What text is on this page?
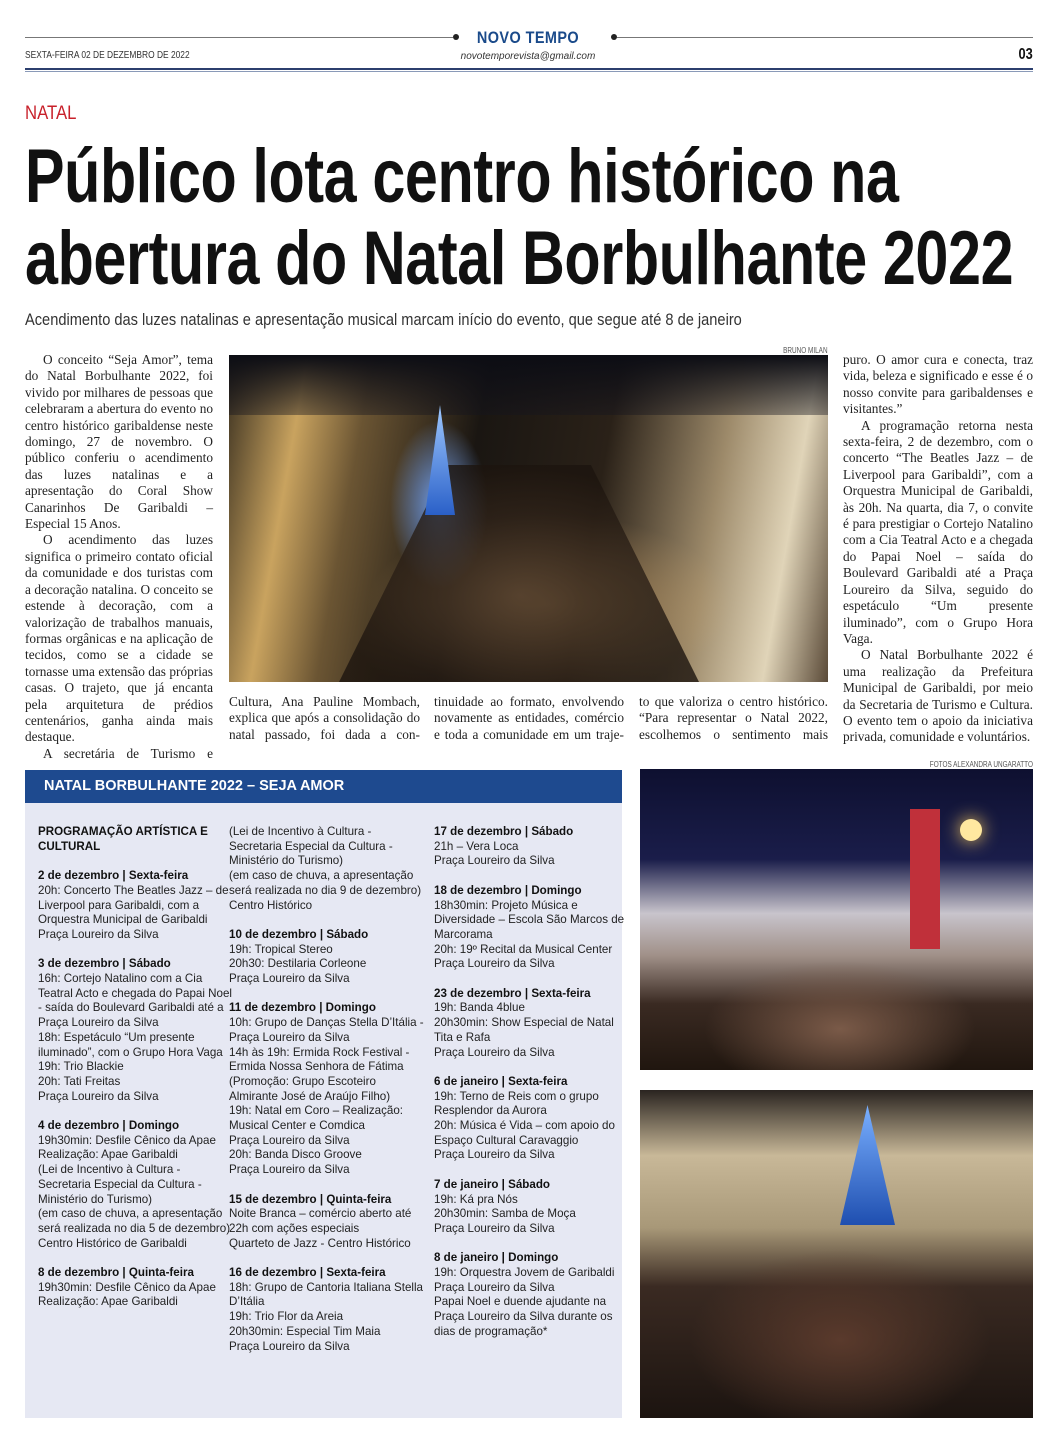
NOVO TEMPO
SEXTA-FEIRA 02 DE DEZEMBRO DE 2022	novotemporevista@gmail.com	03
NATAL
Público lota centro histórico na
abertura do Natal Borbulhante 2022
Acendimento das luzes natalinas e apresentação musical marcam início do evento, que segue até 8 de janeiro

O conceito “Seja Amor”, tema do Natal Borbulhante 2022, foi vivido por milhares de pessoas que celebraram a abertura do evento no centro histórico garibaldense neste domingo, 27 de novembro. O público conferiu o acendimento das luzes natalinas e a apresentação do Coral Show Canarinhos De Garibaldi – Especial 15 Anos.

O acendimento das luzes significa o primeiro contato oficial da comunidade e dos turistas com a decoração natalina. O conceito se estende à decoração, com a valorização de trabalhos manuais, formas orgânicas e na aplicação de tecidos, como se a cidade se tornasse uma extensão das próprias casas. O trajeto, que já encanta pela arquitetura de prédios centenários, ganha ainda mais destaque.

A secretária de Turismo e

BRUNO MILAN

Cultura, Ana Pauline Mombach, explica que após a consolidação do natal passado, foi dada a con-

tinuidade ao formato, envolvendo novamente as entidades, comércio e toda a comunidade em um traje-

to que valoriza o centro histórico. “Para representar o Natal 2022, escolhemos o sentimento mais

puro. O amor cura e conecta, traz vida, beleza e significado e esse é o nosso convite para garibaldenses e visitantes.”

A programação retorna nesta sexta-feira, 2 de dezembro, com o concerto “The Beatles Jazz – de Liverpool para Garibaldi”, com a Orquestra Municipal de Garibaldi, às 20h. Na quarta, dia 7, o convite é para prestigiar o Cortejo Natalino com a Cia Teatral Acto e a chegada do Papai Noel – saída do Boulevard Garibaldi até a Praça Loureiro da Silva, seguido do espetáculo “Um presente iluminado”, com o Grupo Hora Vaga.

O Natal Borbulhante 2022 é uma realização da Prefeitura Municipal de Garibaldi, por meio da Secretaria de Turismo e Cultura. O evento tem o apoio da iniciativa privada, comunidade e voluntários.

FOTOS ALEXANDRA UNGARATTO
NATAL BORBULHANTE 2022 – SEJA AMOR
PROGRAMAÇÃO ARTÍSTICA E CULTURAL
2 de dezembro | Sexta-feira
20h: Concerto The Beatles Jazz – de Liverpool para Garibaldi, com a Orquestra Municipal de Garibaldi
Praça Loureiro da Silva
3 de dezembro | Sábado
16h: Cortejo Natalino com a Cia Teatral Acto e chegada do Papai Noel - saída do Boulevard Garibaldi até a Praça Loureiro da Silva
18h: Espetáculo “Um presente iluminado”, com o Grupo Hora Vaga
19h: Trio Blackie
20h: Tati Freitas
Praça Loureiro da Silva
4 de dezembro | Domingo
19h30min: Desfile Cênico da Apae
Realização: Apae Garibaldi
(Lei de Incentivo à Cultura - Secretaria Especial da Cultura - Ministério do Turismo)
(em caso de chuva, a apresentação será realizada no dia 5 de dezembro)
Centro Histórico de Garibaldi
8 de dezembro | Quinta-feira
19h30min: Desfile Cênico da Apae
Realização: Apae Garibaldi
(Lei de Incentivo à Cultura - Secretaria Especial da Cultura - Ministério do Turismo)
(em caso de chuva, a apresentação será realizada no dia 9 de dezembro)
Centro Histórico
10 de dezembro | Sábado
19h: Tropical Stereo
20h30: Destilaria Corleone
Praça Loureiro da Silva
11 de dezembro | Domingo
10h: Grupo de Danças Stella D’Itália - Praça Loureiro da Silva
14h às 19h: Ermida Rock Festival - Ermida Nossa Senhora de Fátima (Promoção: Grupo Escoteiro Almirante José de Araújo Filho)
19h: Natal em Coro – Realização: Musical Center e Comdica
Praça Loureiro da Silva
20h: Banda Disco Groove
Praça Loureiro da Silva
15 de dezembro | Quinta-feira
Noite Branca – comércio aberto até 22h com ações especiais
Quarteto de Jazz - Centro Histórico
16 de dezembro | Sexta-feira
18h: Grupo de Cantoria Italiana Stella D’Itália
19h: Trio Flor da Areia
20h30min: Especial Tim Maia
Praça Loureiro da Silva
17 de dezembro | Sábado
21h – Vera Loca
Praça Loureiro da Silva
18 de dezembro | Domingo
18h30min: Projeto Música e Diversidade – Escola São Marcos de Marcorama
20h: 19º Recital da Musical Center
Praça Loureiro da Silva
23 de dezembro | Sexta-feira
19h: Banda 4blue
20h30min: Show Especial de Natal Tita e Rafa
Praça Loureiro da Silva
6 de janeiro | Sexta-feira
19h: Terno de Reis com o grupo Resplendor da Aurora
20h: Música é Vida – com apoio do Espaço Cultural Caravaggio
Praça Loureiro da Silva
7 de janeiro | Sábado
19h: Ká pra Nós
20h30min: Samba de Moça
Praça Loureiro da Silva
8 de janeiro | Domingo
19h: Orquestra Jovem de Garibaldi
Praça Loureiro da Silva
Papai Noel e duende ajudante na Praça Loureiro da Silva durante os dias de programação*
